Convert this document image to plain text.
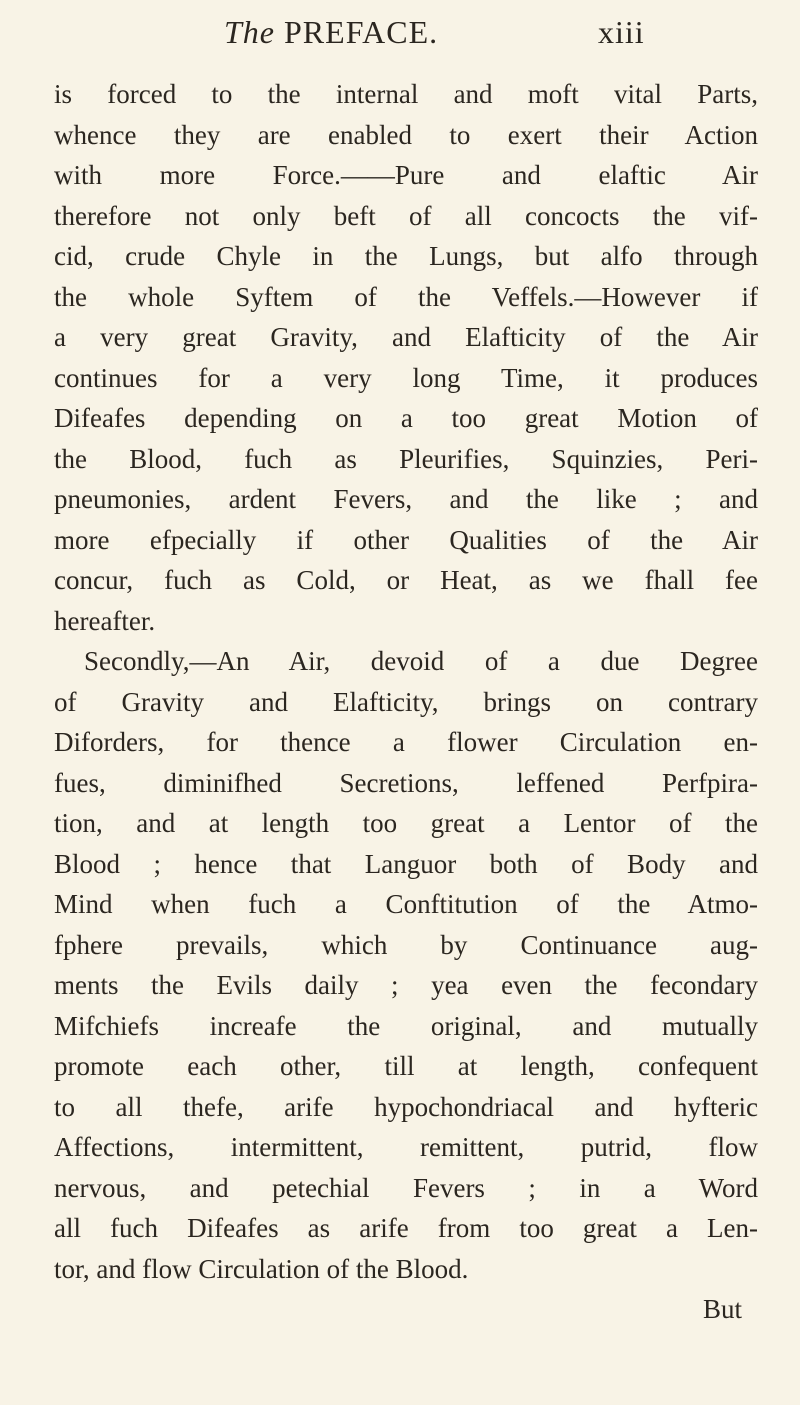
The PREFACE.	xiii
is forced to the internal and moft vital Parts,
whence they are enabled to exert their Action
with more Force.——Pure and elaftic Air
therefore not only beft of all concocts the vif-
cid, crude Chyle in the Lungs, but alfo through
the whole Syftem of the Veffels.—However if
a very great Gravity, and Elafticity of the Air
continues for a very long Time, it produces
Difeafes depending on a too great Motion of
the Blood, fuch as Pleurifies, Squinzies, Peri-
pneumonies, ardent Fevers, and the like ; and
more efpecially if other Qualities of the Air
concur, fuch as Cold, or Heat, as we fhall fee
hereafter.
Secondly,—An Air, devoid of a due Degree
of Gravity and Elafticity, brings on contrary
Diforders, for thence a flower Circulation en-
fues, diminifhed Secretions, leffened Perfpira-
tion, and at length too great a Lentor of the
Blood ; hence that Languor both of Body and
Mind when fuch a Conftitution of the Atmo-
fphere prevails, which by Continuance aug-
ments the Evils daily ; yea even the fecondary
Mifchiefs increafe the original, and mutually
promote each other, till at length, confequent
to all thefe, arife hypochondriacal and hyfteric
Affections, intermittent, remittent, putrid, flow
nervous, and petechial Fevers ; in a Word
all fuch Difeafes as arife from too great a Len-
tor, and flow Circulation of the Blood.
But
